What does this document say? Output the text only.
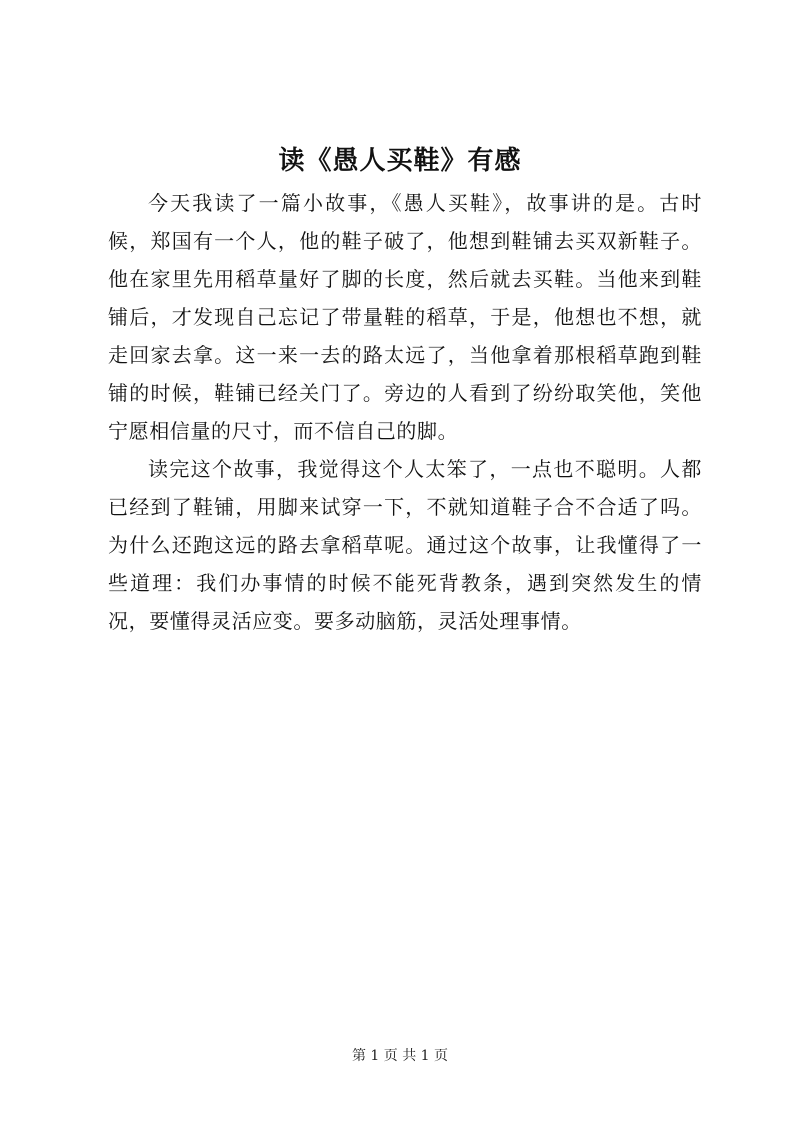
读《愚人买鞋》有感

今天我读了一篇小故事，《愚人买鞋》，故事讲的是。古时候，郑国有一个人，他的鞋子破了，他想到鞋铺去买双新鞋子。他在家里先用稻草量好了脚的长度，然后就去买鞋。当他来到鞋铺后，才发现自己忘记了带量鞋的稻草，于是，他想也不想，就走回家去拿。这一来一去的路太远了，当他拿着那根稻草跑到鞋铺的时候，鞋铺已经关门了。旁边的人看到了纷纷取笑他，笑他宁愿相信量的尺寸，而不信自己的脚。

读完这个故事，我觉得这个人太笨了，一点也不聪明。人都已经到了鞋铺，用脚来试穿一下，不就知道鞋子合不合适了吗。为什么还跑这远的路去拿稻草呢。通过这个故事，让我懂得了一些道理：我们办事情的时候不能死背教条，遇到突然发生的情况，要懂得灵活应变。要多动脑筋，灵活处理事情。

第 1 页 共 1 页
